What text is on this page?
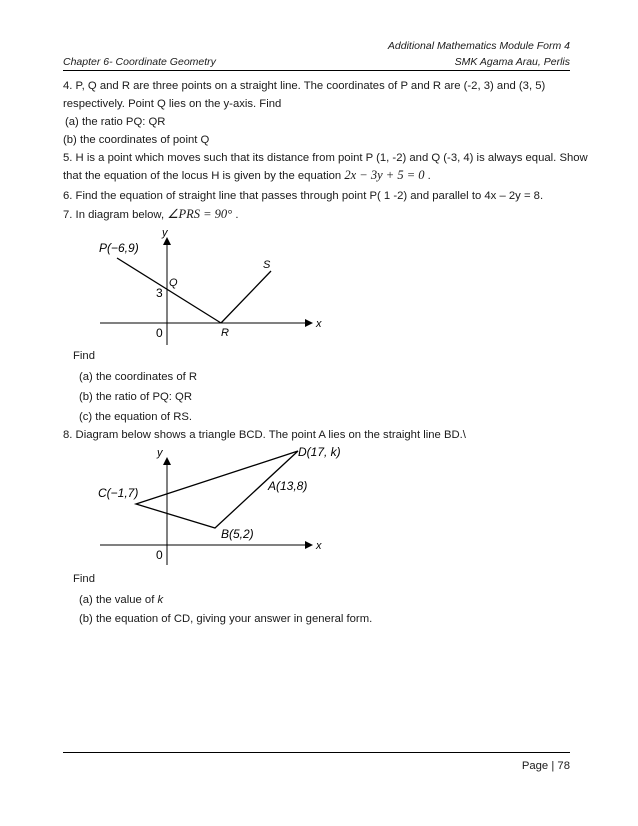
Additional Mathematics Module Form 4
Chapter 6- Coordinate Geometry	SMK Agama Arau, Perlis
4. P, Q and R are three points on a straight line. The coordinates of P and R are (-2, 3) and (3, 5)
respectively. Point Q lies on the y-axis. Find
(a) the ratio PQ: QR
(b) the coordinates of point Q
5. H is a point which moves such that its distance from point P (1, -2) and Q (-3, 4) is always equal. Show
that the equation of the locus H is given by the equation 2x − 3y + 5 = 0 .
6. Find the equation of straight line that passes through point P( 1 -2) and parallel to 4x – 2y = 8.
7. In diagram below, ∠PRS = 90° .
y
x
0
P(−6,9)
Q
3
S
R
Find
(a) the coordinates of R
(b) the ratio of PQ: QR
(c) the equation of RS.
8. Diagram below shows a triangle BCD. The point A lies on the straight line BD.\
y
x
0
D(17, k)
A(13,8)
C(−1,7)
B(5,2)
Find
(a) the value of k
(b) the equation of CD, giving your answer in general form.
Page | 78
